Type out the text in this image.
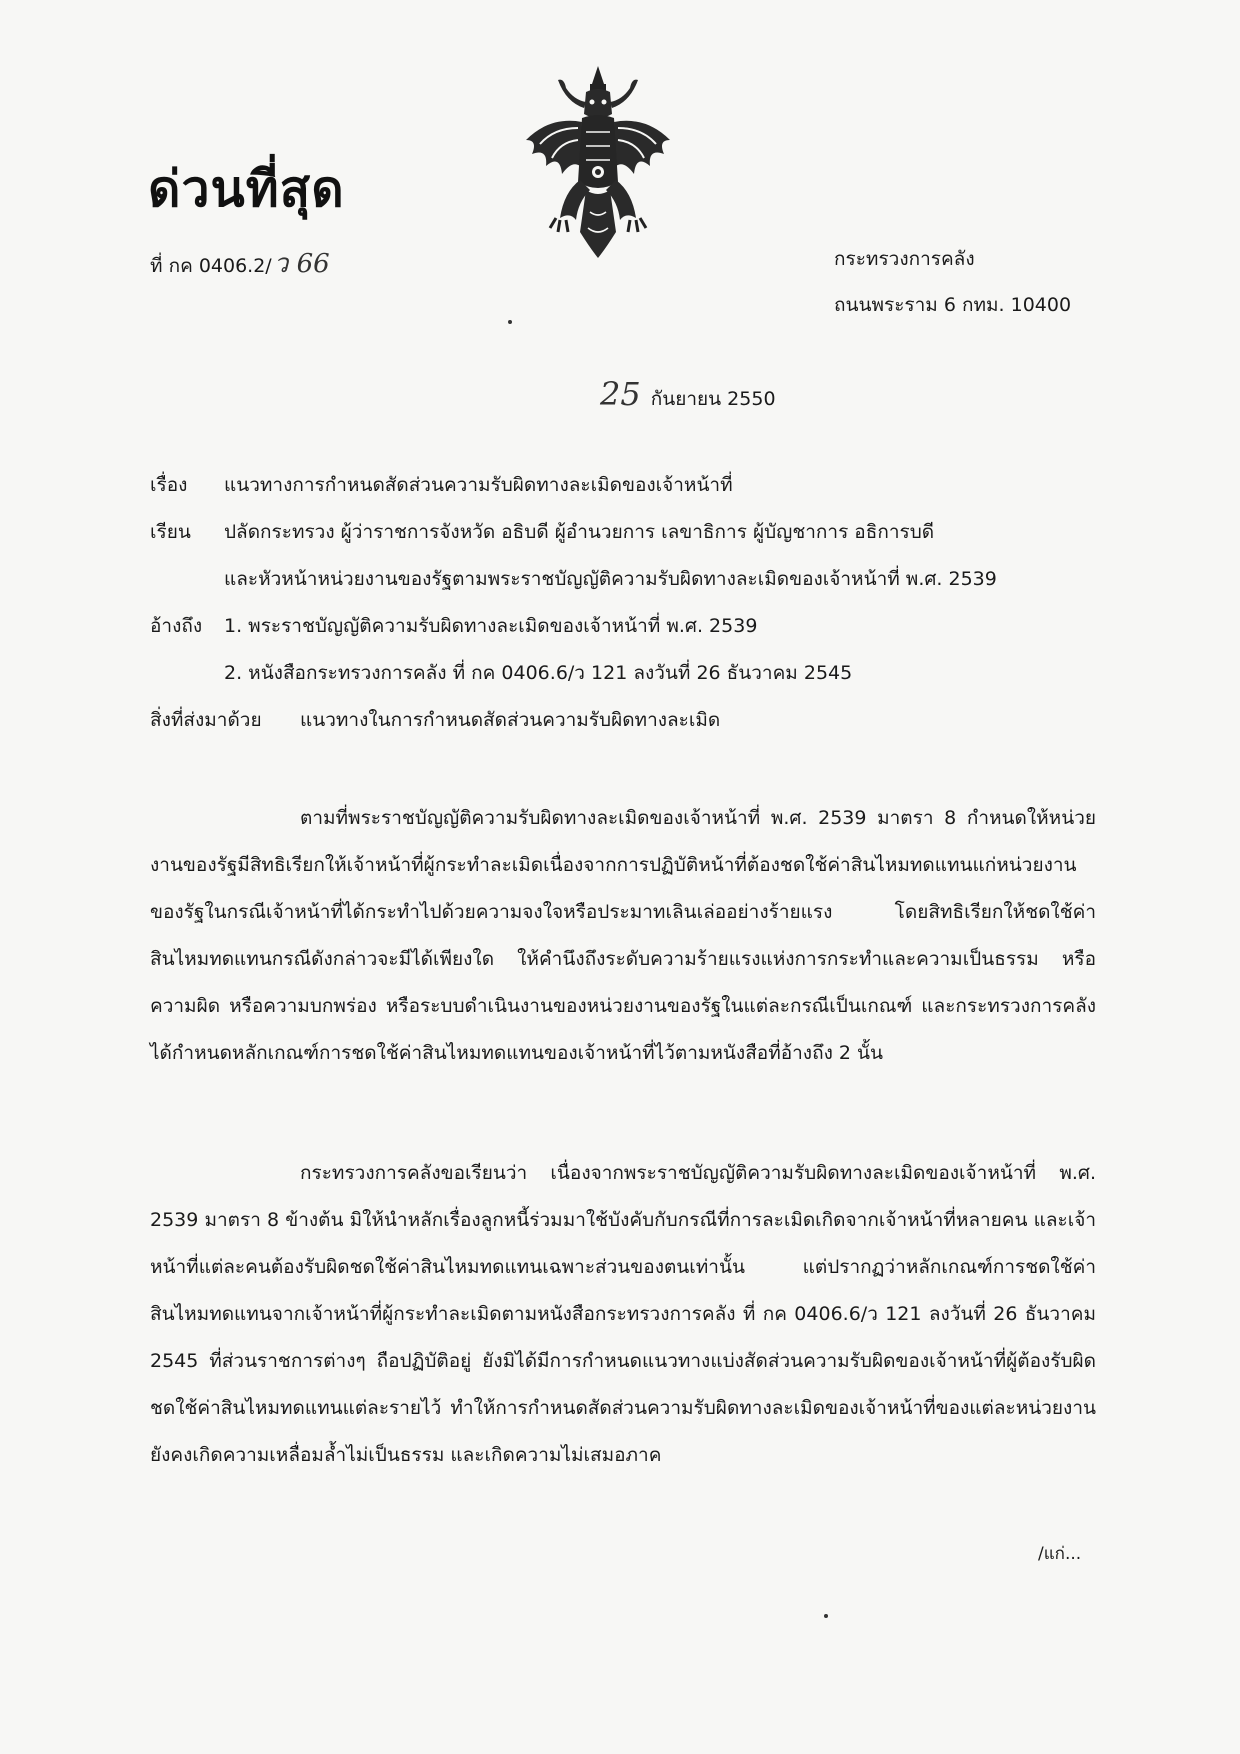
ด่วนที่สุด
ที่ กค 0406.2/ว 66	กระทรวงการคลัง
ถนนพระราม 6 กทม. 10400
25 กันยายน 2550
เรื่อง แนวทางการกำหนดสัดส่วนความรับผิดทางละเมิดของเจ้าหน้าที่
เรียน ปลัดกระทรวง ผู้ว่าราชการจังหวัด อธิบดี ผู้อำนวยการ เลขาธิการ ผู้บัญชาการ อธิการบดี
และหัวหน้าหน่วยงานของรัฐตามพระราชบัญญัติความรับผิดทางละเมิดของเจ้าหน้าที่ พ.ศ. 2539
อ้างถึง 1. พระราชบัญญัติความรับผิดทางละเมิดของเจ้าหน้าที่ พ.ศ. 2539
2. หนังสือกระทรวงการคลัง ที่ กค 0406.6/ว 121 ลงวันที่ 26 ธันวาคม 2545
สิ่งที่ส่งมาด้วย แนวทางในการกำหนดสัดส่วนความรับผิดทางละเมิด
ตามที่พระราชบัญญัติความรับผิดทางละเมิดของเจ้าหน้าที่ พ.ศ. 2539 มาตรา 8 กำหนดให้หน่วยงานของรัฐมีสิทธิเรียกให้เจ้าหน้าที่ผู้กระทำละเมิดเนื่องจากการปฏิบัติหน้าที่ต้องชดใช้ค่าสินไหมทดแทนแก่หน่วยงานของรัฐในกรณีเจ้าหน้าที่ได้กระทำไปด้วยความจงใจหรือประมาทเลินเล่ออย่างร้ายแรง โดยสิทธิเรียกให้ชดใช้ค่าสินไหมทดแทนกรณีดังกล่าวจะมีได้เพียงใด ให้คำนึงถึงระดับความร้ายแรงแห่งการกระทำและความเป็นธรรม หรือความผิด หรือความบกพร่อง หรือระบบดำเนินงานของหน่วยงานของรัฐในแต่ละกรณีเป็นเกณฑ์ และกระทรวงการคลังได้กำหนดหลักเกณฑ์การชดใช้ค่าสินไหมทดแทนของเจ้าหน้าที่ไว้ตามหนังสือที่อ้างถึง 2 นั้น
กระทรวงการคลังขอเรียนว่า เนื่องจากพระราชบัญญัติความรับผิดทางละเมิดของเจ้าหน้าที่ พ.ศ. 2539 มาตรา 8 ข้างต้น มิให้นำหลักเรื่องลูกหนี้ร่วมมาใช้บังคับกับกรณีที่การละเมิดเกิดจากเจ้าหน้าที่หลายคน และเจ้าหน้าที่แต่ละคนต้องรับผิดชดใช้ค่าสินไหมทดแทนเฉพาะส่วนของตนเท่านั้น แต่ปรากฏว่าหลักเกณฑ์การชดใช้ค่าสินไหมทดแทนจากเจ้าหน้าที่ผู้กระทำละเมิดตามหนังสือกระทรวงการคลัง ที่ กค 0406.6/ว 121 ลงวันที่ 26 ธันวาคม 2545 ที่ส่วนราชการต่างๆ ถือปฏิบัติอยู่ ยังมิได้มีการกำหนดแนวทางแบ่งสัดส่วนความรับผิดของเจ้าหน้าที่ผู้ต้องรับผิดชดใช้ค่าสินไหมทดแทนแต่ละรายไว้ ทำให้การกำหนดสัดส่วนความรับผิดทางละเมิดของเจ้าหน้าที่ของแต่ละหน่วยงานยังคงเกิดความเหลื่อมล้ำไม่เป็นธรรม และเกิดความไม่เสมอภาค
/แก่...
